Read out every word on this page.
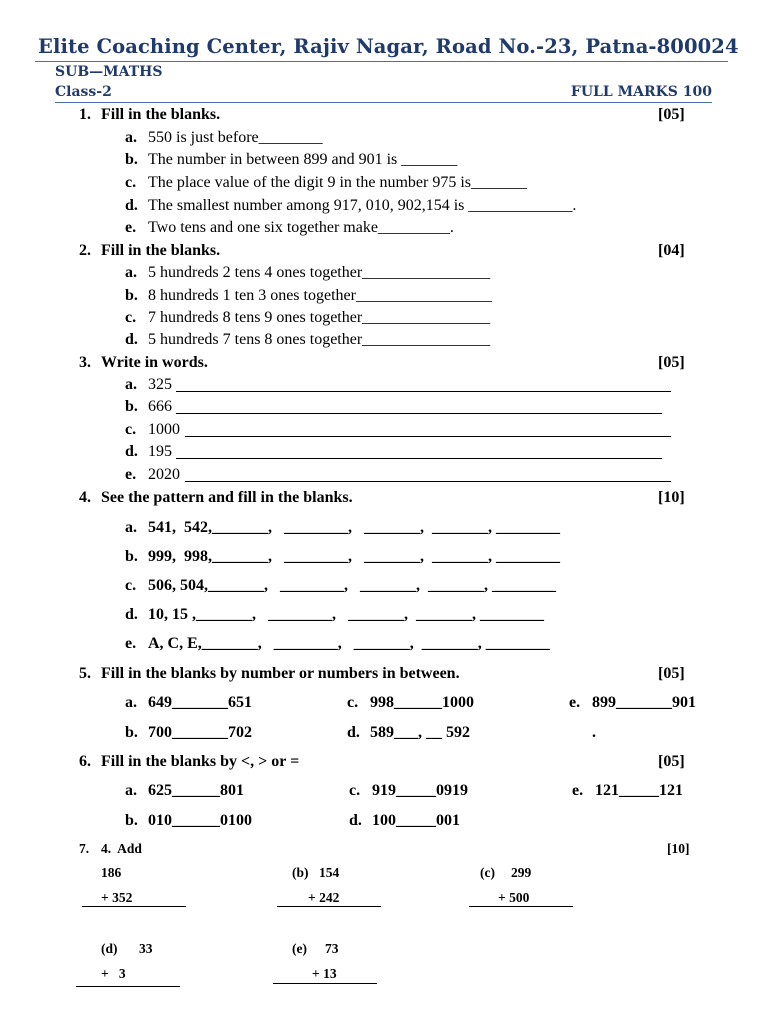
Elite Coaching Center, Rajiv Nagar, Road No.-23, Patna-800024
SUB—MATHS
Class-2	FULL MARKS 100
1. Fill in the blanks.	[05]
a. 550 is just before________
b. The number in between 899 and 901 is _______
c. The place value of the digit 9 in the number 975 is_______
d. The smallest number among 917, 010, 902,154 is _____________.
e. Two tens and one six together make_________.
2. Fill in the blanks.	[04]
a. 5 hundreds 2 tens 4 ones together________________
b. 8 hundreds 1 ten 3 ones together_________________
c. 7 hundreds 8 tens 9 ones together________________
d. 5 hundreds 7 tens 8 ones together________________
3. Write in words.	[05]
a. 325
b. 666
c. 1000
d. 195
e. 2020
4. See the pattern and fill in the blanks.	[10]
a. 541,  542,_______,   ________,   _______,  _______, ________
b. 999,  998,_______,   ________,   _______,  _______, ________
c. 506, 504,_______,   ________,   _______,  _______, ________
d. 10, 15 ,_______,   ________,   _______,  _______, ________
e. A, C, E,_______,   ________,   _______,  _______, ________
5. Fill in the blanks by number or numbers in between.	[05]
a. 649_______651	c. 998______1000	e. 899_______901
b. 700_______702	d. 589___, __ 592	.
6. Fill in the blanks by <, > or =	[05]
a. 625______801	c. 919_____0919	e. 121_____121
b. 010______0100	d. 100_____001
7. 4.  Add	[10]
186
+ 352
(b) 154
+ 242
(c) 299
+ 500
(d) 33
+   3
(e) 73
+ 13
